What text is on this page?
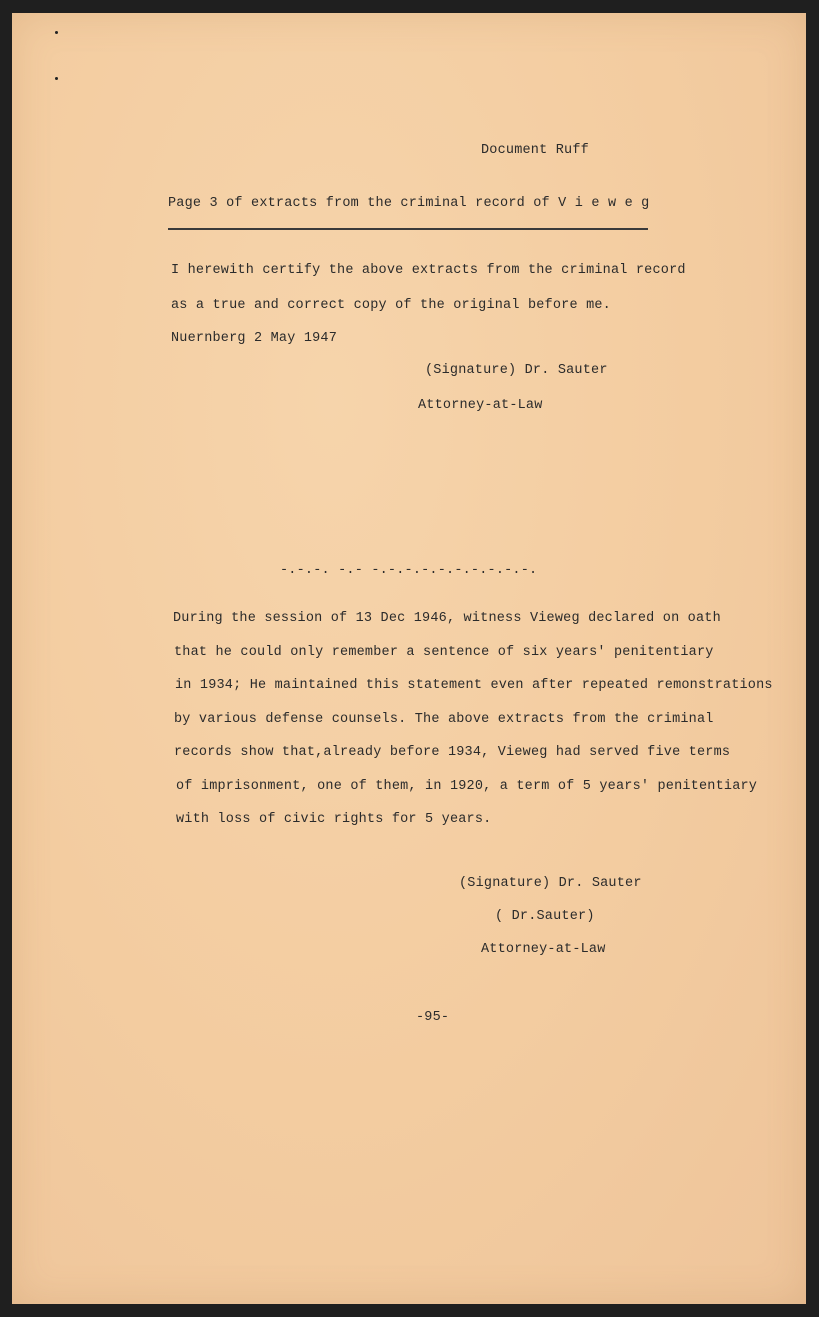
Document Ruff
Page 3 of extracts from the criminal record of V i e w e g
I herewith certify the above extracts from the criminal record
as a true and correct copy of the original before me.
Nuernberg 2 May 1947
(Signature) Dr. Sauter
Attorney-at-Law
-.-.-. -.- -.-.-.-.-.-.-.-.-.-.
During the session of 13 Dec 1946, witness Vieweg declared on oath
that he could only remember a sentence of six years' penitentiary
in 1934; He maintained this statement even after repeated remonstrations
by various defense counsels. The above extracts from the criminal
records show that,already before 1934, Vieweg had served five terms
of imprisonment, one of them, in 1920, a term of 5 years' penitentiary
with loss of civic rights for 5 years.
(Signature) Dr. Sauter
( Dr.Sauter)
Attorney-at-Law
-95-
